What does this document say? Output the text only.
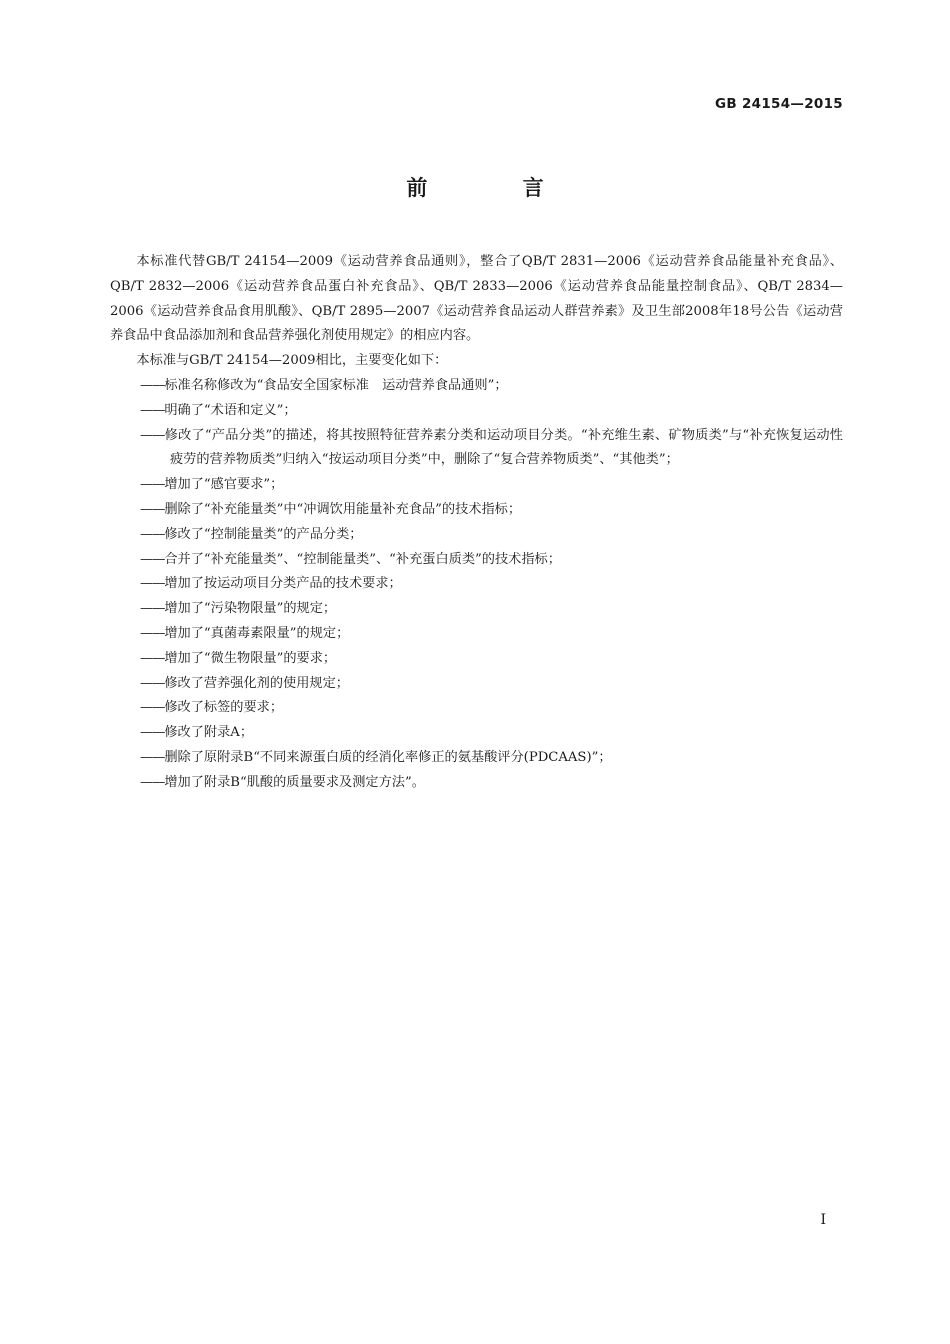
GB 24154—2015
前 言

本标准代替GB/T 24154—2009《运动营养食品通则》，整合了QB/T 2831—2006《运动营养食品能量补充食品》、QB/T 2832—2006《运动营养食品蛋白补充食品》、QB/T 2833—2006《运动营养食品能量控制食品》、QB/T 2834—2006《运动营养食品食用肌酸》、QB/T 2895—2007《运动营养食品运动人群营养素》及卫生部2008年18号公告《运动营养食品中食品添加剂和食品营养强化剂使用规定》的相应内容。

本标准与GB/T 24154—2009相比，主要变化如下：

——标准名称修改为“食品安全国家标准　运动营养食品通则”；
——明确了“术语和定义”；
——修改了“产品分类”的描述，将其按照特征营养素分类和运动项目分类。“补充维生素、矿物质类”与“补充恢复运动性疲劳的营养物质类”归纳入“按运动项目分类”中，删除了“复合营养物质类”、“其他类”；
——增加了“感官要求”；
——删除了“补充能量类”中“冲调饮用能量补充食品”的技术指标；
——修改了“控制能量类”的产品分类；
——合并了“补充能量类”、“控制能量类”、“补充蛋白质类”的技术指标；
——增加了按运动项目分类产品的技术要求；
——增加了“污染物限量”的规定；
——增加了“真菌毒素限量”的规定；
——增加了“微生物限量”的要求；
——修改了营养强化剂的使用规定；
——修改了标签的要求；
——修改了附录A；
——删除了原附录B“不同来源蛋白质的经消化率修正的氨基酸评分(PDCAAS)”；
——增加了附录B“肌酸的质量要求及测定方法”。
I
